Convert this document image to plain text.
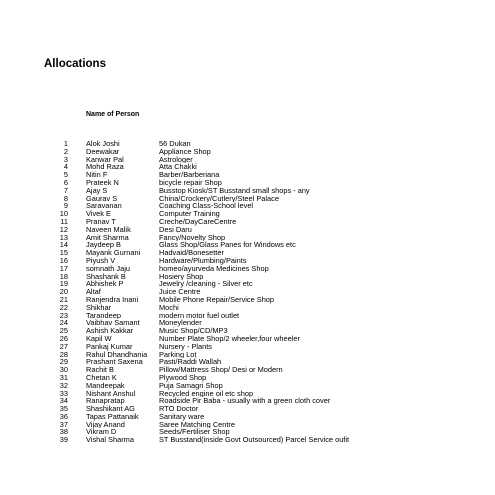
Allocations
Name of Person
1	Alok Joshi	56 Dukan
2	Deewakar	Appliance Shop
3	Kanwar Pal	Astrologer
4	Mohd Raza	Atta Chakki
5	Nitin F	Barber/Barberiana
6	Prateek N	bicycle repair Shop
7	Ajay S	Busstop Kiosk/ST Busstand small shops - any
8	Gaurav S	China/Crockery/Cutlery/Steel Palace
9	Saravanan	Coaching Class-School level
10	Vivek E	Computer Training
11	Pranav T	Creche/DayCareCentre
12	Naveen Malik	Desi Daru
13	Amit Sharma	Fancy/Novelty Shop
14	Jaydeep B	Glass Shop/Glass Panes for Windows etc
15	Mayank Gurnani	Hadvaid/Bonesetter
16	Piyush V	Hardware/Plumbing/Paints
17	somnath Jaju	homeo/ayurveda Medicines Shop
18	Shashank B	Hosiery Shop
19	Abhishek P	Jewelry /cleaning - Silver etc
20	Altaf	Juice Centre
21	Ranjendra Inani	Mobile Phone Repair/Service Shop
22	Shikhar	Mochi
23	Tarandeep	modern motor fuel outlet
24	Vaibhav Samant	Moneylender
25	Ashish Kakkar	Music Shop/CD/MP3
26	Kapil W	Number Plate Shop/2 wheeler,four wheeler
27	Pankaj Kumar	Nursery - Plants
28	Rahul Dhandhania	Parking Lot
29	Prashant Saxena	Pasti/Raddi Wallah
30	Rachit B	Pillow/Mattress Shop/ Desi or Modern
31	Chetan K	Plywood Shop
32	Mandeepak	Puja Samagri Shop
33	Nishant Anshul	Recycled engine oil etc shop
34	Ranapratap	Roadside Pir Baba - usually with a green cloth cover
35	Shashikant AG	RTO Doctor
36	Tapas Pattanaik	Sanitary ware
37	Vijay Anand	Saree Matching Centre
38	Vikram D	Seeds/Fertiliser Shop
39	Vishal Sharma	ST Busstand(inside Govt Outsourced) Parcel Service oufit
